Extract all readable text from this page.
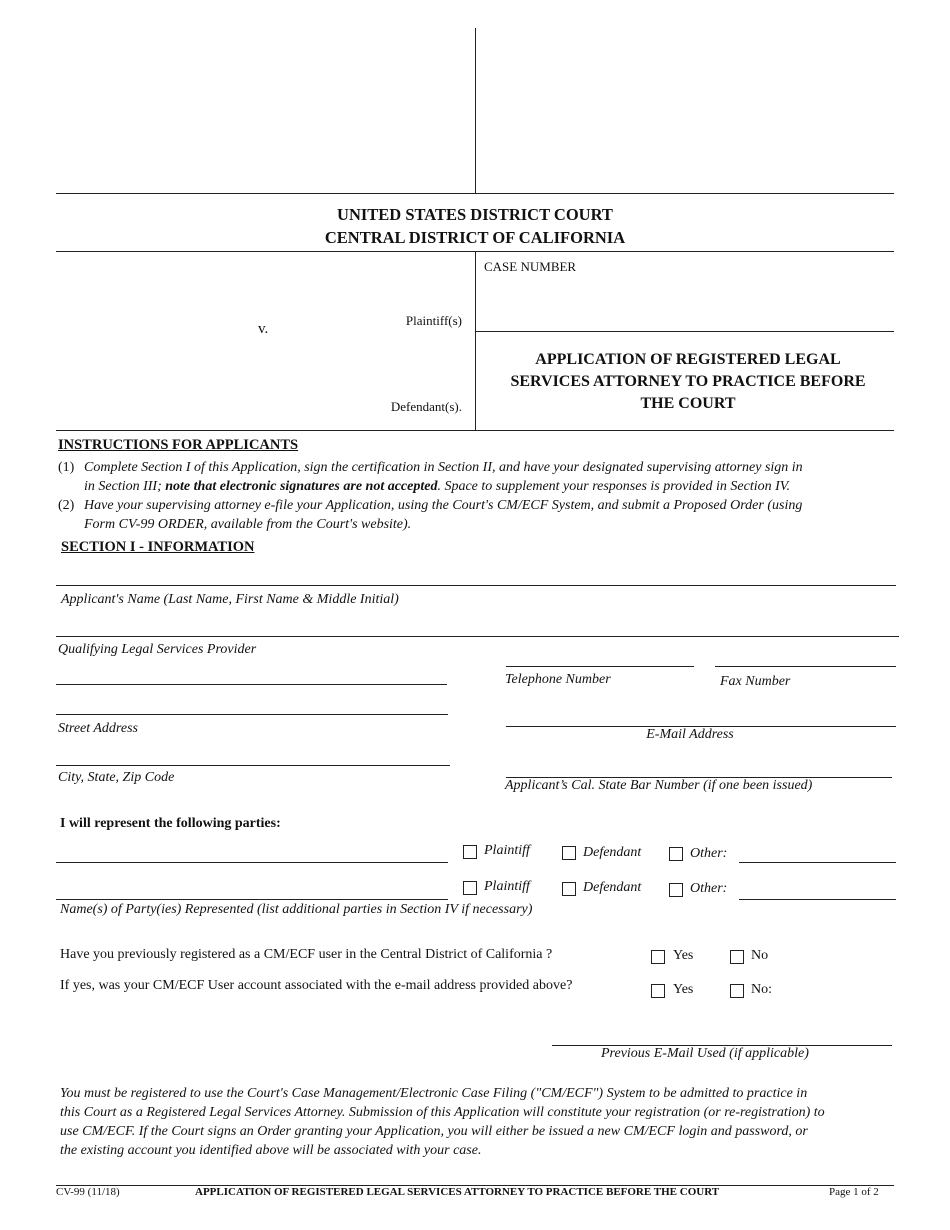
UNITED STATES DISTRICT COURT
CENTRAL DISTRICT OF CALIFORNIA
CASE NUMBER
Plaintiff(s)
v.
Defendant(s).
APPLICATION OF REGISTERED LEGAL
SERVICES ATTORNEY TO PRACTICE BEFORE
THE COURT
INSTRUCTIONS FOR APPLICANTS
(1) Complete Section I of this Application, sign the certification in Section II, and have your designated supervising attorney sign in
in Section III; note that electronic signatures are not accepted. Space to supplement your responses is provided in Section IV.
(2) Have your supervising attorney e-file your Application, using the Court's CM/ECF System, and submit a Proposed Order (using
Form CV-99 ORDER, available from the Court's website).
SECTION I - INFORMATION
Applicant's Name (Last Name, First Name & Middle Initial)
Qualifying Legal Services Provider
Telephone Number	Fax Number
Street Address	E-Mail Address
City, State, Zip Code
Applicant’s Cal. State Bar Number (if one been issued)
I will represent the following parties:
Plaintiff	Defendant	Other:
Plaintiff	Defendant	Other:
Name(s) of Party(ies) Represented (list additional parties in Section IV if necessary)
Have you previously registered as a CM/ECF user in the Central District of California ?	Yes	No
If yes, was your CM/ECF User account associated with the e-mail address provided above?	Yes	No:
Previous E-Mail Used (if applicable)
You must be registered to use the Court's Case Management/Electronic Case Filing ("CM/ECF") System to be admitted to practice in
this Court as a Registered Legal Services Attorney. Submission of this Application will constitute your registration (or re-registration) to
use CM/ECF. If the Court signs an Order granting your Application, you will either be issued a new CM/ECF login and password, or
the existing account you identified above will be associated with your case.
CV-99 (11/18)	APPLICATION OF REGISTERED LEGAL SERVICES ATTORNEY TO PRACTICE BEFORE THE COURT	Page 1 of 2
